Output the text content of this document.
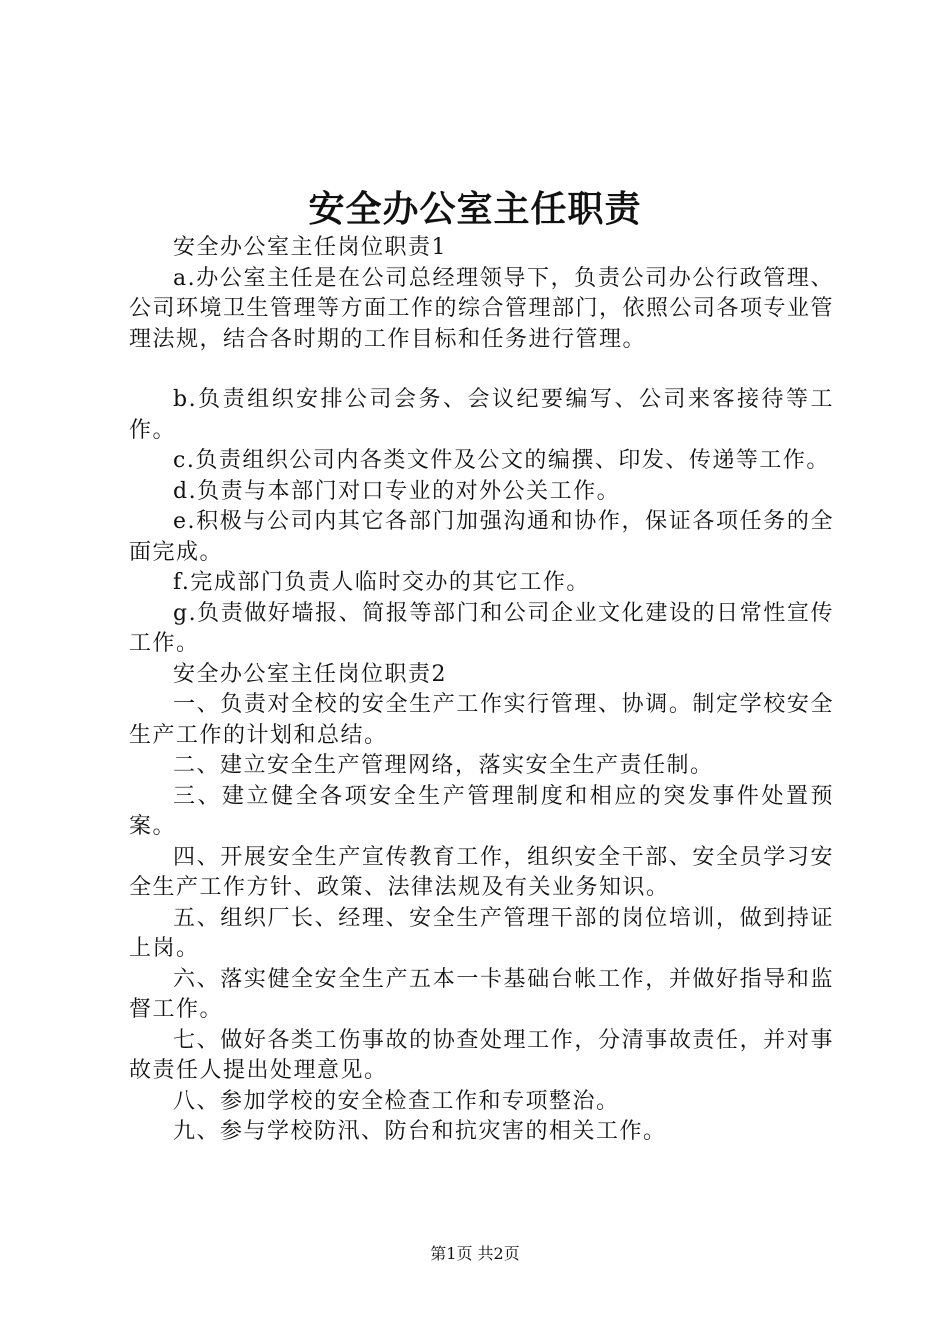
安全办公室主任职责

安全办公室主任岗位职责1

a.办公室主任是在公司总经理领导下，负责公司办公行政管理、公司环境卫生管理等方面工作的综合管理部门，依照公司各项专业管理法规，结合各时期的工作目标和任务进行管理。

b.负责组织安排公司会务、会议纪要编写、公司来客接待等工作。

c.负责组织公司内各类文件及公文的编撰、印发、传递等工作。

d.负责与本部门对口专业的对外公关工作。

e.积极与公司内其它各部门加强沟通和协作，保证各项任务的全面完成。

f.完成部门负责人临时交办的其它工作。

g.负责做好墙报、简报等部门和公司企业文化建设的日常性宣传工作。

安全办公室主任岗位职责2

一、负责对全校的安全生产工作实行管理、协调。制定学校安全生产工作的计划和总结。

二、建立安全生产管理网络，落实安全生产责任制。

三、建立健全各项安全生产管理制度和相应的突发事件处置预案。

四、开展安全生产宣传教育工作，组织安全干部、安全员学习安全生产工作方针、政策、法律法规及有关业务知识。

五、组织厂长、经理、安全生产管理干部的岗位培训，做到持证上岗。

六、落实健全安全生产五本一卡基础台帐工作，并做好指导和监督工作。

七、做好各类工伤事故的协查处理工作，分清事故责任，并对事故责任人提出处理意见。

八、参加学校的安全检查工作和专项整治。

九、参与学校防汛、防台和抗灾害的相关工作。

第1页 共2页
